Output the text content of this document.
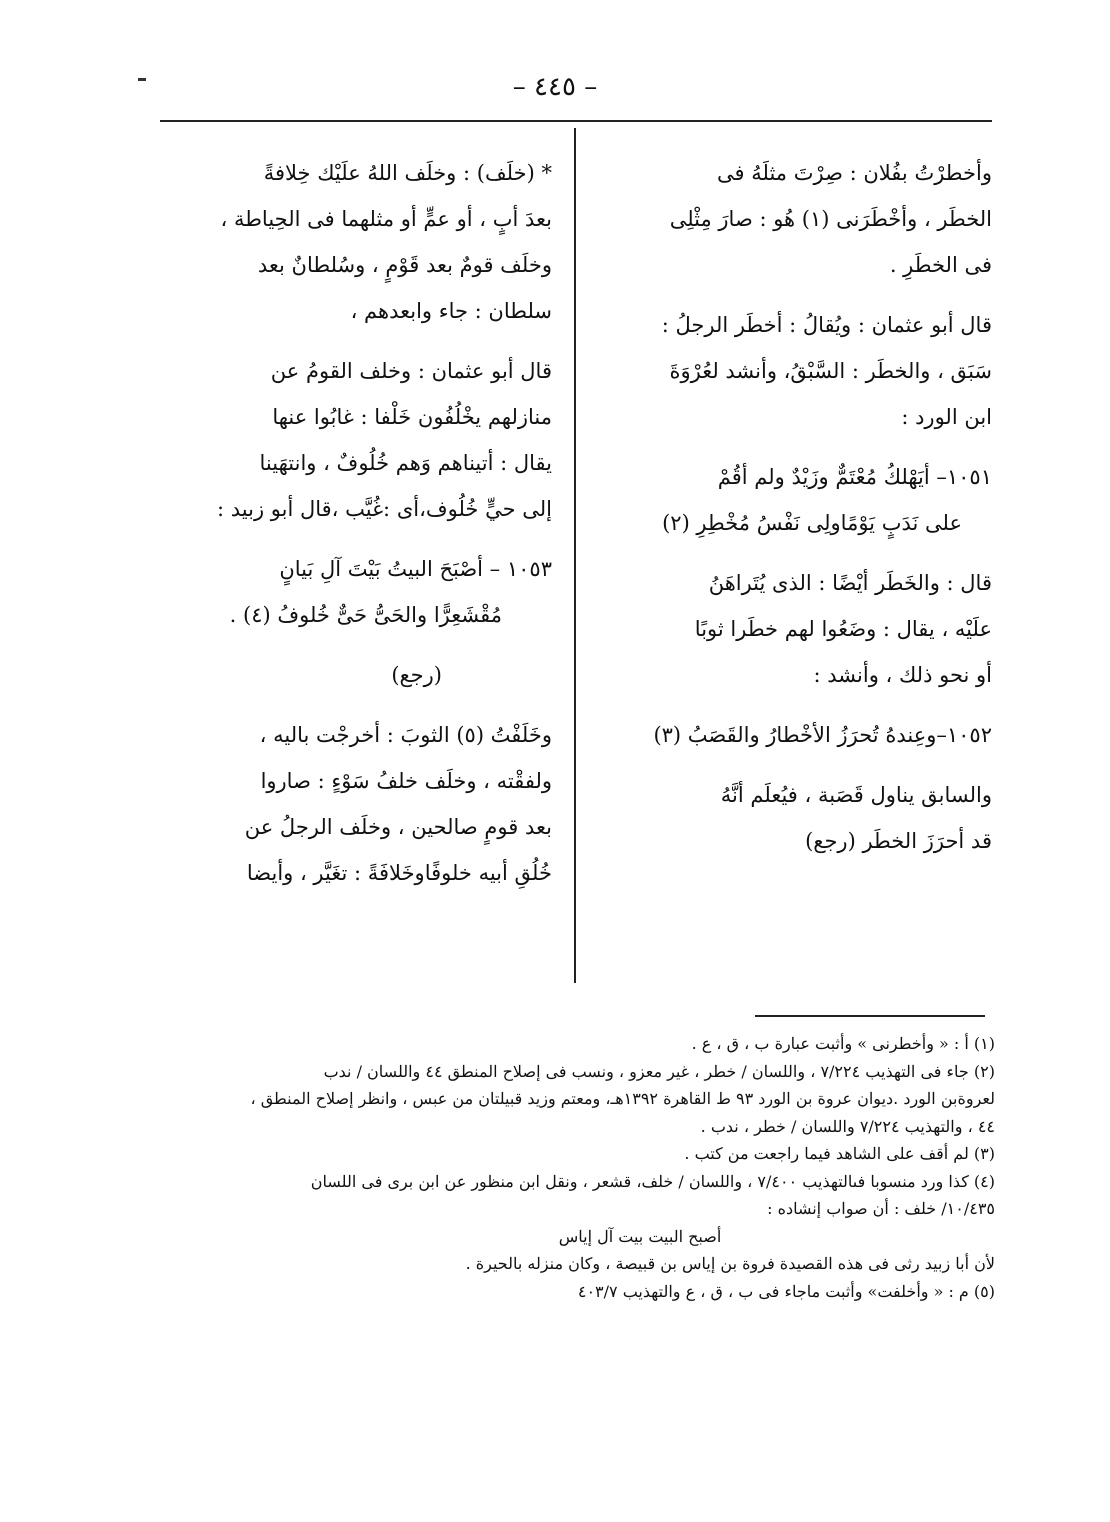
– ٤٤٥ –
وأخطرْتُ بفُلان : صِرْتَ مثلَهُ فى
الخطَر ، وأخْطَرَنى (١) هُو : صارَ مِثْلِى
فى الخطَرِ .
قال أبو عثمان : ويُقالُ : أخطَر الرجلُ :
سَبَق ، والخطَر : السَّبْقُ، وأنشد لعُرْوَةَ
ابن الورد :
١٠٥١– أيَهْلكُ مُعْتَمٌّ وزَيْدٌ ولم أقُمْ
على نَدَبٍ يَوْمًاولِى نَفْسُ مُخْطِرِ (٢)
قال : والخَطَر أيْضًا : الذى يُتَراهَنُ
علَيْه ، يقال : وضَعُوا لهم خطَرا ثوبًا
أو نحو ذلك ، وأنشد :
١٠٥٢–وعِندهُ تُحرَزُ الأخْطارُ والقَصَبُ (٣)
والسابق يناول قَصَبة ، فيُعلَم أنَّهُ
قد أحرَزَ الخطَر (رجع)
* (خلَف) : وخلَف اللهُ علَيْك خِلافةً
بعدَ أبٍ ، أو عمٍّ أو مثلهما فى الحِياطة ،
وخلَف قومٌ بعد قَوْمٍ ، وسُلطانٌ بعد
سلطان : جاء وابعدهم ،
قال أبو عثمان : وخلف القومُ عن
منازلهم يخْلُفُون خَلْفا : غابُوا عنها
يقال : أتيناهم وَهم خُلُوفٌ ، وانتهَينا
إلى حيٍّ خُلُوف،أى :غُيَّب ،قال أبو زبيد :
١٠٥٣ – أصْبَحَ البيتُ بَيْتَ آلِ بَيانٍ
مُقْشَعِرًّا والحَىُّ حَىٌّ خُلوفُ (٤) .
(رجع)
وخَلَفْتُ (٥) الثوبَ : أخرجْت باليه ،
ولفقْته ، وخلَف خلفُ سَوْءٍ : صاروا
بعد قومٍ صالحين ، وخلَف الرجلُ عن
خُلُقِ أبيه خلوفًاوخَلافَةً : تغَيَّر ، وأيضا
(١) أ : « وأخطرنى » وأثبت عبارة ب ، ق ، ع .
(٢) جاء فى التهذيب ٧/٢٢٤ ، واللسان / خطر ، غير معزو ، ونسب فى إصلاح المنطق ٤٤ واللسان / ندب
لعروةبن الورد .ديوان عروة بن الورد ٩٣ ط القاهرة ١٣٩٢هـ، ومعتم وزيد قبيلتان من عبس ، وانظر إصلاح المنطق ،
٤٤ ، والتهذيب ٧/٢٢٤ واللسان / خطر ، ندب .
(٣) لم أقف على الشاهد فيما راجعت من كتب .
(٤) كذا ورد منسوبا فىالتهذيب ٧/٤٠٠ ، واللسان / خلف، قشعر ، ونقل ابن منظور عن ابن برى فى اللسان
١٠/٤٣٥/ خلف : أن صواب إنشاده :
أصبح البيت بيت آل إياس
لأن أبا زبيد رثى فى هذه القصيدة فروة بن إياس بن قبيصة ، وكان منزله بالحيرة .
(٥) م : « وأخلفت» وأثبت ماجاء فى ب ، ق ، ع والتهذيب ٤٠٣/٧
